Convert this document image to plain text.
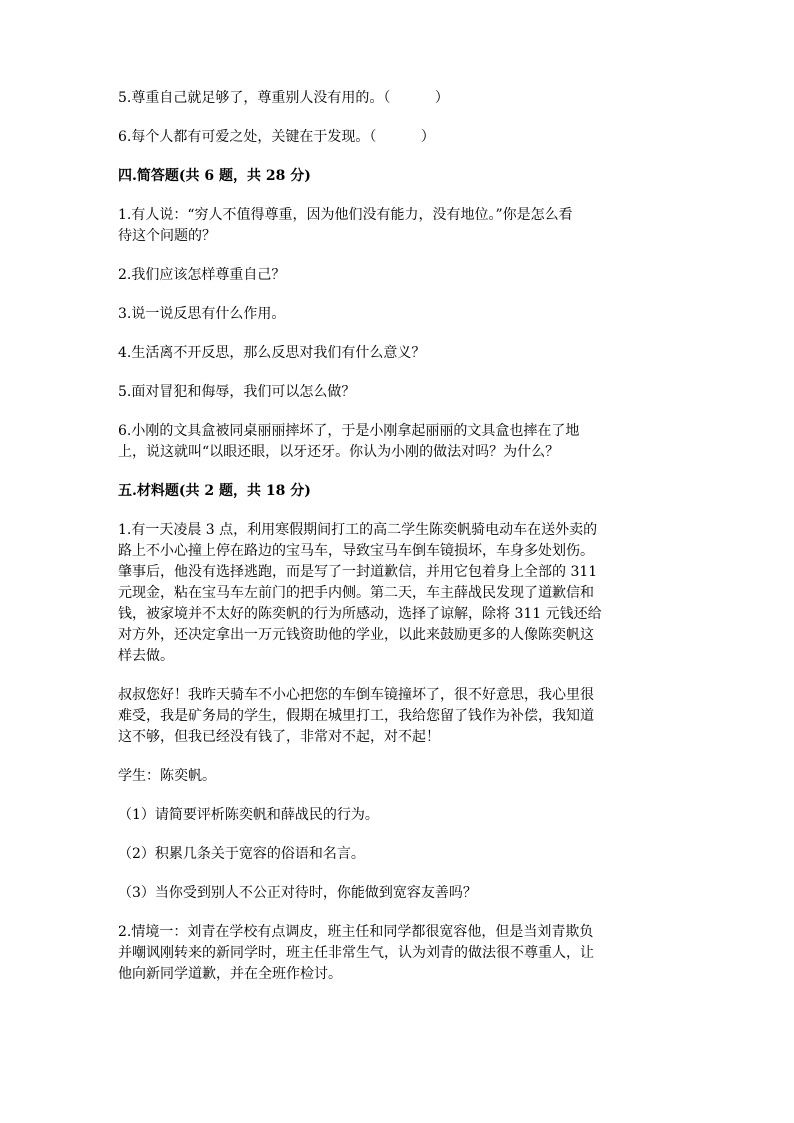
5.尊重自己就足够了，尊重别人没有用的。（          ）

6.每个人都有可爱之处，关键在于发现。（          ）

四.简答题(共 6 题，共 28 分)

1.有人说：“穷人不值得尊重，因为他们没有能力，没有地位。”你是怎么看

待这个问题的？

2.我们应该怎样尊重自己？

3.说一说反思有什么作用。

4.生活离不开反思，那么反思对我们有什么意义？

5.面对冒犯和侮辱，我们可以怎么做？

6.小刚的文具盒被同桌丽丽摔坏了，于是小刚拿起丽丽的文具盒也摔在了地

上，说这就叫“以眼还眼，以牙还牙。你认为小刚的做法对吗？为什么？

五.材料题(共 2 题，共 18 分)

1.有一天凌晨 3 点，利用寒假期间打工的高二学生陈奕帆骑电动车在送外卖的

路上不小心撞上停在路边的宝马车，导致宝马车倒车镜损坏，车身多处划伤。

肇事后，他没有选择逃跑，而是写了一封道歉信，并用它包着身上全部的 311

元现金，粘在宝马车左前门的把手内侧。第二天，车主薛战民发现了道歉信和

钱，被家境并不太好的陈奕帆的行为所感动，选择了谅解，除将 311 元钱还给

对方外，还决定拿出一万元钱资助他的学业，以此来鼓励更多的人像陈奕帆这

样去做。

叔叔您好！我昨天骑车不小心把您的车倒车镜撞坏了，很不好意思，我心里很

难受，我是矿务局的学生，假期在城里打工，我给您留了钱作为补偿，我知道

这不够，但我已经没有钱了，非常对不起，对不起！

学生：陈奕帆。

（1）请简要评析陈奕帆和薛战民的行为。

（2）积累几条关于宽容的俗语和名言。

（3）当你受到别人不公正对待时，你能做到宽容友善吗？

2.情境一：刘青在学校有点调皮，班主任和同学都很宽容他，但是当刘青欺负

并嘲讽刚转来的新同学时，班主任非常生气，认为刘青的做法很不尊重人，让

他向新同学道歉，并在全班作检讨。
